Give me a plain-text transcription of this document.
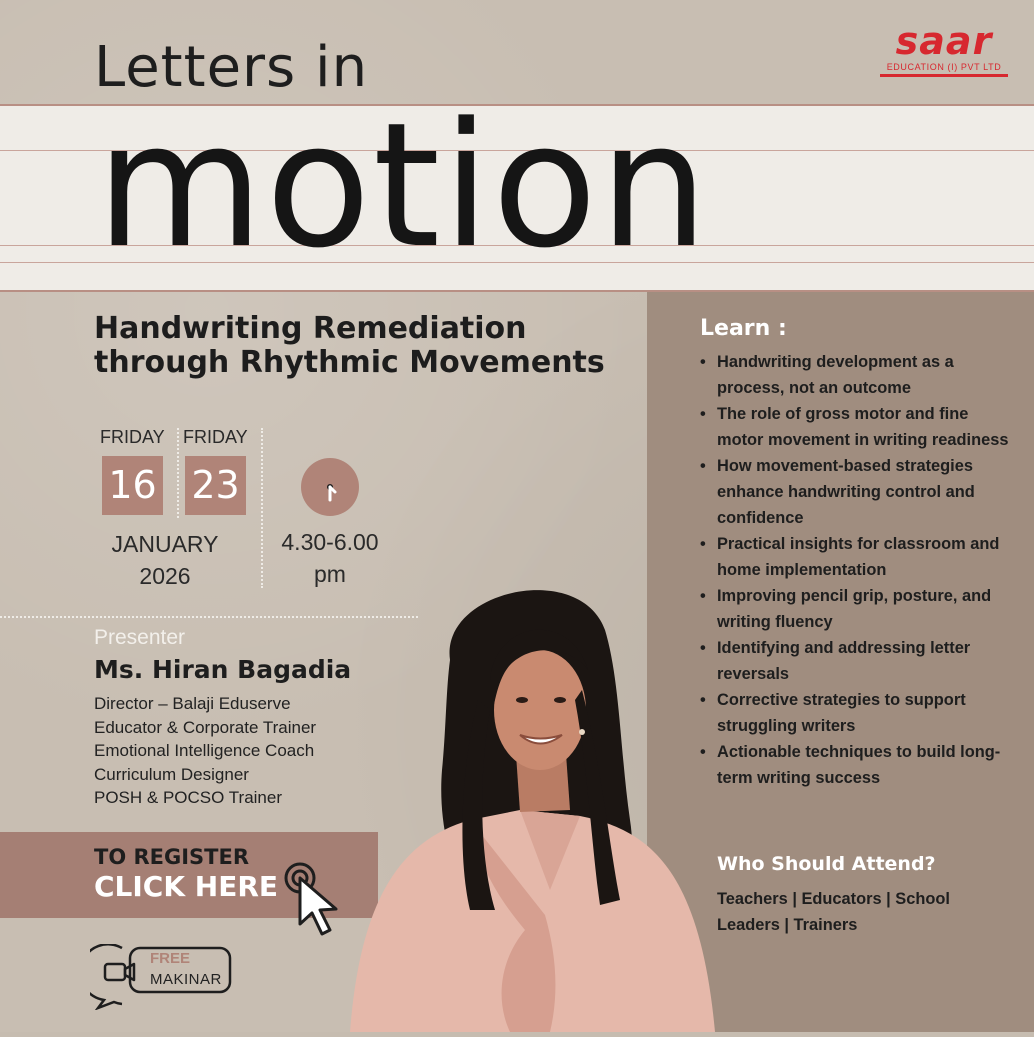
Letters in
motion
saar
EDUCATION (I) PVT LTD
Handwriting Remediation
through Rhythmic Movements
FRIDAY FRIDAY
16 23
JANUARY
2026
4.30-6.00
pm
Presenter
Ms. Hiran Bagadia
Director – Balaji Eduserve
Educator & Corporate Trainer
Emotional Intelligence Coach
Curriculum Designer
POSH & POCSO Trainer
TO REGISTER
CLICK HERE
FREE
MAKINAR
Learn :
• Handwriting development as a process, not an outcome
• The role of gross motor and fine motor movement in writing readiness
• How movement-based strategies enhance handwriting control and confidence
• Practical insights for classroom and home implementation
• Improving pencil grip, posture, and writing fluency
• Identifying and addressing letter reversals
• Corrective strategies to support struggling writers
• Actionable techniques to build long-term writing success
Who Should Attend?
Teachers | Educators | School Leaders | Trainers
